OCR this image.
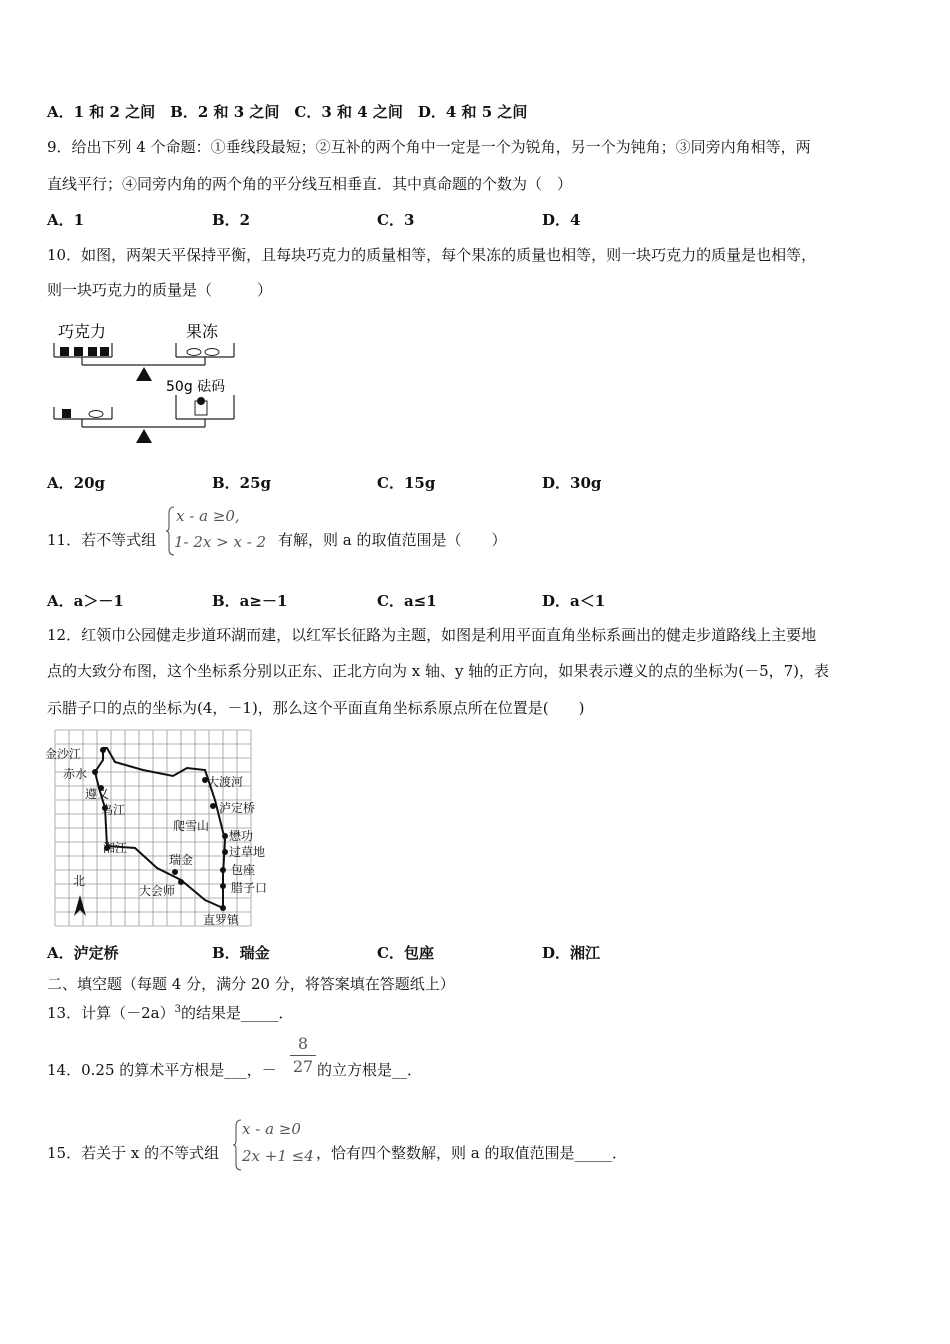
A．1 和 2 之间　B．2 和 3 之间　C．3 和 4 之间　D．4 和 5 之间
9．给出下列 4 个命题：①垂线段最短；②互补的两个角中一定是一个为锐角，另一个为钝角；③同旁内角相等，两
直线平行；④同旁内角的两个角的平分线互相垂直．其中真命题的个数为（　）
A．1	B．2	C．3	D．4
10．如图，两架天平保持平衡，且每块巧克力的质量相等，每个果冻的质量也相等，则一块巧克力的质量是也相等，
则一块巧克力的质量是（　　　）
巧克力	果冻
50g 砝码
A．20g	B．25g	C．15g	D．30g
11．若不等式组
x - a ≥0,
1- 2x > x - 2 有解，则 a 的取值范围是（　　）
A．a＞－1	B．a≥－1	C．a≤1	D．a＜1
12．红领巾公园健走步道环湖而建，以红军长征路为主题，如图是利用平面直角坐标系画出的健走步道路线上主要地
点的大致分布图，这个坐标系分别以正东、正北方向为 x 轴、y 轴的正方向，如果表示遵义的点的坐标为(－5，7)，表
示腊子口的点的坐标为(4，－1)，那么这个平面直角坐标系原点所在位置是(　　)
金沙江
赤水
遵义
乌江
湘江
大渡河
泸定桥
爬雪山
懋功
过草地
包座
腊子口
瑞金
大会师
直罗镇
北
A．泸定桥	B．瑞金	C．包座	D．湘江
二、填空题（每题 4 分，满分 20 分，将答案填在答题纸上）
13．计算$(-2a)^3$的结果是_____．
14．0.25 的算术平方根是___，－ $\frac{8}{27}$ 的立方根是__．
15．若关于 x 的不等式组
x - a ≥0
2x +1 ≤4 ，恰有四个整数解，则 a 的取值范围是_____．
